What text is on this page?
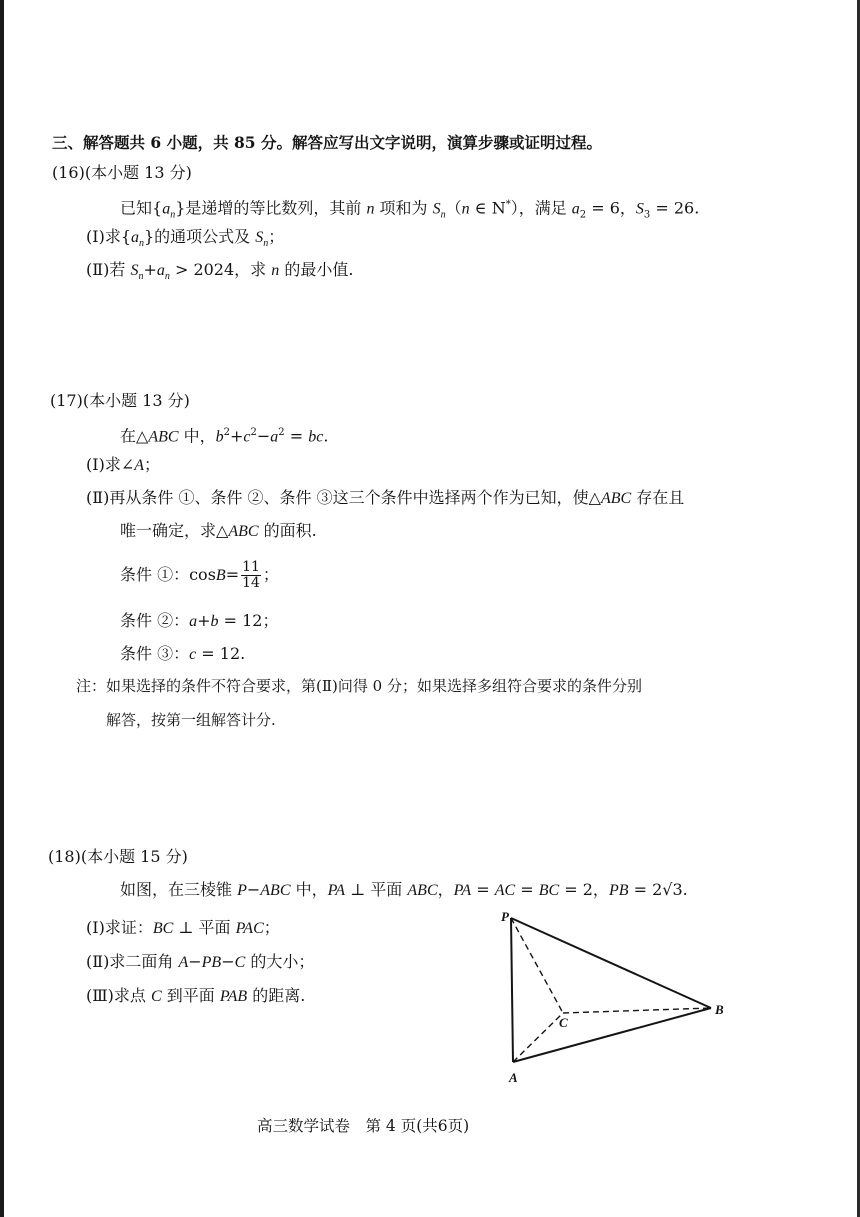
三、解答题共 6 小题，共 85 分。解答应写出文字说明，演算步骤或证明过程。
(16)(本小题 13 分)
已知$\{a_n\}$是递增的等比数列，其前 n 项和为 $S_n(n$ ∈ N*），满足 $a_2 = 6$，$S_3 = 26$.
(Ⅰ)求$\{a_n\}$的通项公式及 $S_n$；
(Ⅱ)若 $S_n+a_n > 2024$，求 n 的最小值.
(17)(本小题 13 分)
在△ABC 中，$b^2+c^2-a^2$ = bc.
(Ⅰ)求∠A；
(Ⅱ)再从条件 ①、条件 ②、条件 ③这三个条件中选择两个作为已知，使△ABC 存在且
唯一确定，求△ABC 的面积.
条件 ①：$\cos B= \frac{11}{14}$ ；
条件 ②：a+b = 12；
条件 ③：c = 12.
注：如果选择的条件不符合要求，第(Ⅱ)问得 0 分；如果选择多组符合要求的条件分别
解答，按第一组解答计分.
(18)(本小题 15 分)
如图，在三棱锥 P−ABC 中，PA ⊥ 平面 ABC，PA = AC = BC = 2，PB = 2√3.
(Ⅰ)求证：BC ⊥ 平面 PAC；
(Ⅱ)求二面角 A−PB−C 的大小；
(Ⅲ)求点 C 到平面 PAB 的距离.
P
A
B
C
高三数学试卷　第 4 页(共6页)
